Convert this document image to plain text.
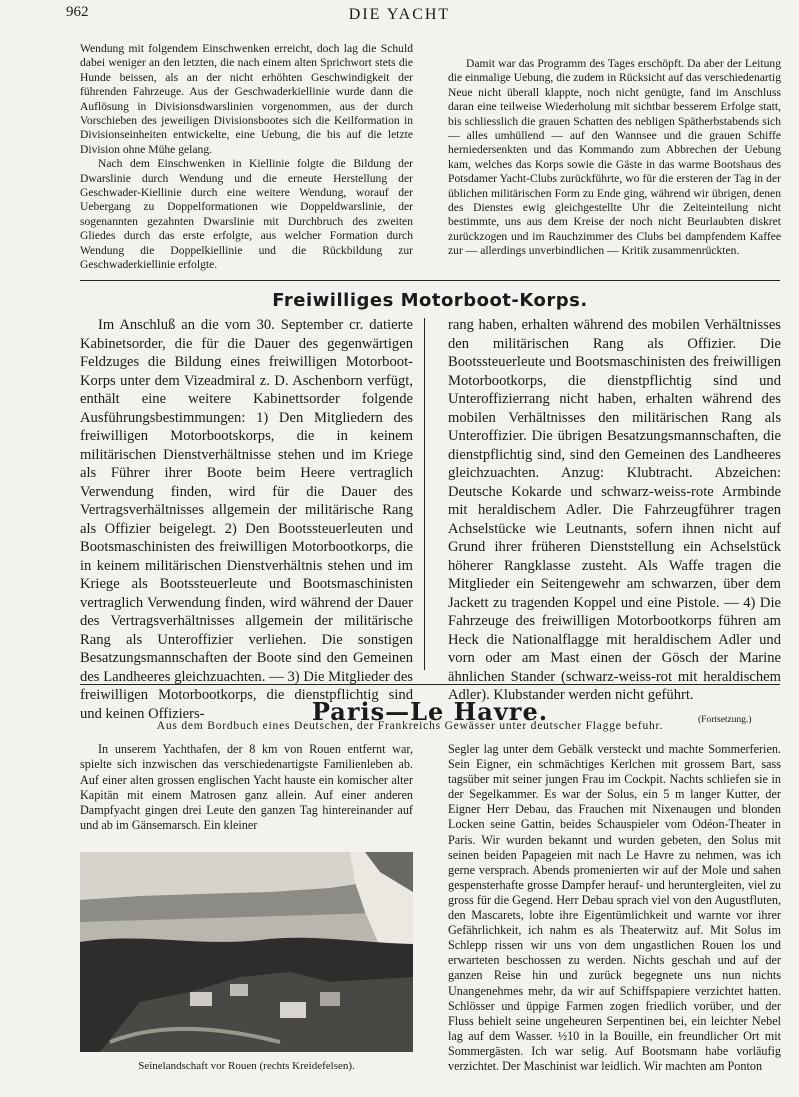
962	DIE YACHT

Wendung mit folgendem Einschwenken erreicht, doch lag die Schuld dabei weniger an den letzten, die nach einem alten Sprichwort stets die Hunde beissen, als an der nicht erhöhten Geschwindigkeit der führenden Fahrzeuge. Aus der Geschwaderkiellinie wurde dann die Auflösung in Divisionsdwarslinien vorgenommen, aus der durch Vorschieben des jeweiligen Divisionsbootes sich die Keilformation in Divisionseinheiten entwickelte, eine Uebung, die bis auf die letzte Division ohne Mühe gelang.

Nach dem Einschwenken in Kiellinie folgte die Bildung der Dwarslinie durch Wendung und die erneute Herstellung der Geschwader-Kiellinie durch eine weitere Wendung, worauf der Uebergang zu Doppelformationen wie Doppeldwarslinie, der sogenannten gezahnten Dwarslinie mit Durchbruch des zweiten Gliedes durch das erste erfolgte, aus welcher Formation durch Wendung die Doppelkiellinie und die Rückbildung zur Geschwaderkiellinie erfolgte.

Damit war das Programm des Tages erschöpft. Da aber der Leitung die einmalige Uebung, die zudem in Rücksicht auf das verschiedenartig Neue nicht überall klappte, noch nicht genügte, fand im Anschluss daran eine teilweise Wiederholung mit sichtbar besserem Erfolge statt, bis schliesslich die grauen Schatten des nebligen Spätherbstabends sich — alles umhüllend — auf den Wannsee und die grauen Schiffe herniedersenkten und das Kommando zum Abbrechen der Uebung kam, welches das Korps sowie die Gäste in das warme Bootshaus des Potsdamer Yacht-Clubs zurückführte, wo für die ersteren der Tag in der üblichen militärischen Form zu Ende ging, während wir übrigen, denen des Dienstes ewig gleichgestellte Uhr die Zeiteinteilung nicht bestimmte, uns aus dem Kreise der noch nicht Beurlaubten diskret zurückzogen und im Rauchzimmer des Clubs bei dampfendem Kaffee zur — allerdings unverbindlichen — Kritik zusammenrückten.

Freiwilliges Motorboot-Korps.

Im Anschluß an die vom 30. September cr. datierte Kabinetsorder, die für die Dauer des gegenwärtigen Feldzuges die Bildung eines freiwilligen Motorboot-Korps unter dem Vizeadmiral z. D. Aschenborn verfügt, enthält eine weitere Kabinettsorder folgende Ausführungsbestimmungen: 1) Den Mitgliedern des freiwilligen Motorbootskorps, die in keinem militärischen Dienstverhältnisse stehen und im Kriege als Führer ihrer Boote beim Heere vertraglich Verwendung finden, wird für die Dauer des Vertragsverhältnisses allgemein der militärische Rang als Offizier beigelegt. 2) Den Bootssteuerleuten und Bootsmaschinisten des freiwilligen Motorbootkorps, die in keinem militärischen Dienstverhältnis stehen und im Kriege als Bootssteuerleute und Bootsmaschinisten vertraglich Verwendung finden, wird während der Dauer des Vertragsverhältnisses allgemein der militärische Rang als Unteroffizier verliehen. Die sonstigen Besatzungsmannschaften der Boote sind den Gemeinen des Landheeres gleichzuachten. — 3) Die Mitglieder des freiwilligen Motorbootkorps, die dienstpflichtig sind und keinen Offiziers-

rang haben, erhalten während des mobilen Verhältnisses den militärischen Rang als Offizier. Die Bootssteuerleute und Bootsmaschinisten des freiwilligen Motorbootkorps, die dienstpflichtig sind und Unteroffizierrang nicht haben, erhalten während des mobilen Verhältnisses den militärischen Rang als Unteroffizier. Die übrigen Besatzungsmannschaften, die dienstpflichtig sind, sind den Gemeinen des Landheeres gleichzuachten. Anzug: Klubtracht. Abzeichen: Deutsche Kokarde und schwarz-weiss-rote Armbinde mit heraldischem Adler. Die Fahrzeugführer tragen Achselstücke wie Leutnants, sofern ihnen nicht auf Grund ihrer früheren Dienststellung ein Achselstück höherer Rangklasse zusteht. Als Waffe tragen die Mitglieder ein Seitengewehr am schwarzen, über dem Jackett zu tragenden Koppel und eine Pistole. — 4) Die Fahrzeuge des freiwilligen Motorbootkorps führen am Heck die Nationalflagge mit heraldischem Adler und vorn oder am Mast einen der Gösch der Marine ähnlichen Stander (schwarz-weiss-rot mit heraldischem Adler). Klubstander werden nicht geführt.

Paris—Le Havre.	(Fortsetzung.)
Aus dem Bordbuch eines Deutschen, der Frankreichs Gewässer unter deutscher Flagge befuhr.

In unserem Yachthafen, der 8 km von Rouen entfernt war, spielte sich inzwischen das verschiedenartigste Familienleben ab. Auf einer alten grossen englischen Yacht hauste ein komischer alter Kapitän mit einem Matrosen ganz allein. Auf einer anderen Dampfyacht gingen drei Leute den ganzen Tag hintereinander auf und ab im Gänsemarsch. Ein kleiner

Seinelandschaft vor Rouen (rechts Kreidefelsen).

Segler lag unter dem Gebälk versteckt und machte Sommerferien. Sein Eigner, ein schmächtiges Kerlchen mit grossem Bart, sass tagsüber mit seiner jungen Frau im Cockpit. Nachts schliefen sie in der Segelkammer. Es war der Solus, ein 5 m langer Kutter, der Eigner Herr Debau, das Frauchen mit Nixenaugen und blonden Locken seine Gattin, beides Schauspieler vom Odéon-Theater in Paris. Wir wurden bekannt und wurden gebeten, den Solus mit seinen beiden Papageien mit nach Le Havre zu nehmen, was ich gerne versprach. Abends promenierten wir auf der Mole und sahen gespensterhafte grosse Dampfer herauf- und heruntergleiten, viel zu gross für die Gegend. Herr Debau sprach viel von den Augustfluten, den Mascarets, lobte ihre Eigentümlichkeit und warnte vor ihrer Gefährlichkeit, ich nahm es als Theaterwitz auf. Mit Solus im Schlepp rissen wir uns von dem ungastlichen Rouen los und erwarteten beschossen zu werden. Nichts geschah und auf der ganzen Reise hin und zurück begegnete uns nun nichts Unangenehmes mehr, da wir auf Schiffspapiere verzichtet hatten. Schlösser und üppige Farmen zogen friedlich vorüber, und der Fluss behielt seine ungeheuren Serpentinen bei, ein leichter Nebel lag auf dem Wasser. ½10 in la Bouille, ein freundlicher Ort mit Sommergästen. Ich war selig. Auf Bootsmann habe vorläufig verzichtet. Der Maschinist war leidlich. Wir machten am Ponton
